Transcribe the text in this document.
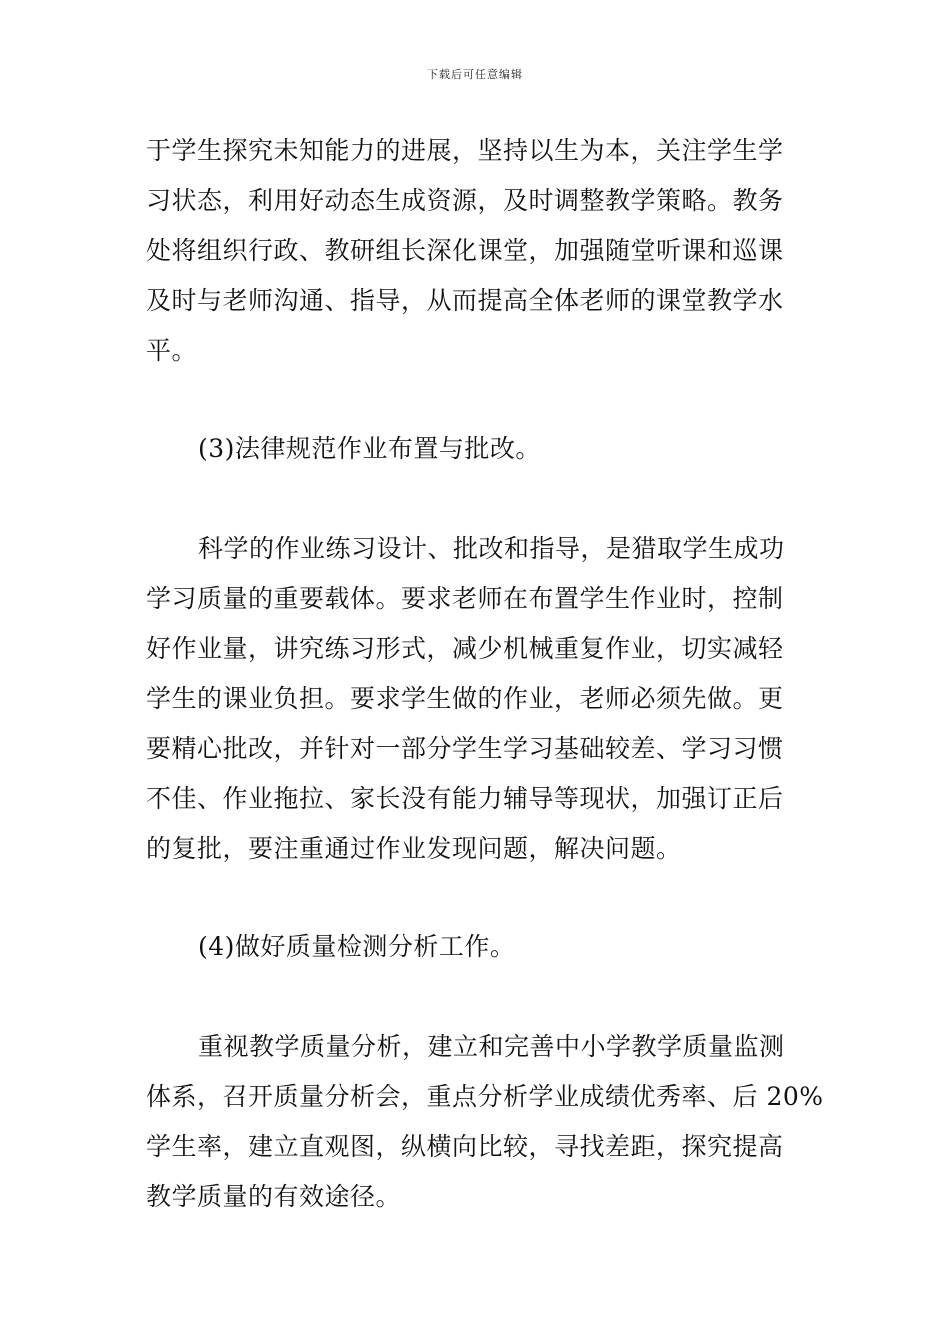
下载后可任意编辑
于学生探究未知能力的进展，坚持以生为本，关注学生学
习状态，利用好动态生成资源，及时调整教学策略。教务
处将组织行政、教研组长深化课堂，加强随堂听课和巡课
及时与老师沟通、指导，从而提高全体老师的课堂教学水
平。
(3)法律规范作业布置与批改。
科学的作业练习设计、批改和指导，是猎取学生成功
学习质量的重要载体。要求老师在布置学生作业时，控制
好作业量，讲究练习形式，减少机械重复作业，切实减轻
学生的课业负担。要求学生做的作业，老师必须先做。更
要精心批改，并针对一部分学生学习基础较差、学习习惯
不佳、作业拖拉、家长没有能力辅导等现状，加强订正后
的复批，要注重通过作业发现问题，解决问题。
(4)做好质量检测分析工作。
重视教学质量分析，建立和完善中小学教学质量监测
体系，召开质量分析会，重点分析学业成绩优秀率、后 20%
学生率，建立直观图，纵横向比较，寻找差距，探究提高
教学质量的有效途径。
